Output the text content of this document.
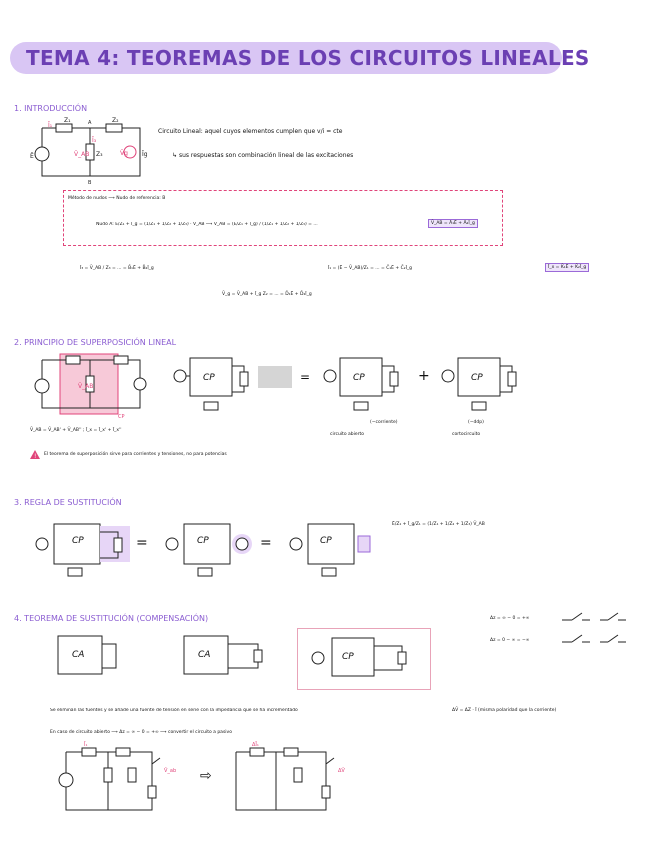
TEMA 4: TEOREMAS DE LOS CIRCUITOS LINEALES
1. INTRODUCCIÓN
Z₁	Z₂
Ī₁
V̄_AB Z₃
Ī₃
Ē	V̄g Īg
A
B
Circuito Lineal: aquel cuyos elementos cumplen que v/i = cte
↳ sus respuestas son combinación lineal de las excitaciones
Método de nudos ⟶ Nudo de referencia: B
Nudo A: Ē/Z₁ + Ī_g = (1/Z₁ + 1/Z₂ + 1/Z₃) · V̄_AB ⟶ V̄_AB = (Ē/Z₁ + Ī_g) / (1/Z₁ + 1/Z₂ + 1/Z₃) = ...	V̄_AB = Ā₁Ē + Ā₂Ī_g
Ī₃ = V̄_AB / Z₃ = ... = B̄₁Ē + B̄₂Ī_g	Ī₁ = (Ē − V̄_AB)/Z₁ = ... = C̄₁Ē + C̄₂Ī_g	Ī_x = K̄₁Ē + K̄₂Ī_g
V̄_g = V̄_AB + Ī_g Z₂ = ... = D̄₁Ē + D̄₂Ī_g
2. PRINCIPIO DE SUPERPOSICIÓN LINEAL
V̄_AB
CP
CP	=	CP	+	CP
(−corriente)	(−ddp)
circuito abierto	cortocircuito
V̄_AB = V̄_AB' + V̄_AB'' ; Ī_x = Ī_x' + Ī_x''
! El teorema de superposición sirve para corrientes y tensiones, no para potencias
3. REGLA DE SUSTITUCIÓN
CP	=	CP	=	CP
Ē/Z₁ + Ī_g/Z₁ = (1/Z₁ + 1/Z₂ + 1/Z₃) V̄_AB
4. TEOREMA DE SUSTITUCIÓN (COMPENSACIÓN)
CA	CA	CP
Δz = ∞ − 0 = +∞
Δz = 0 − ∞ = −∞
Se eliminan las fuentes y se añade una fuente de tensión en serie con la impedancia que se ha incrementado	ΔV̄ = ΔZ · Ī (misma polaridad que la corriente)
En caso de circuito abierto ⟶ Δz = ∞ − 0 = +∞ ⟶ convertir el circuito a pasivo
Ī₁
V̄_ab ⇨
ΔĪ₁
ΔV̄
